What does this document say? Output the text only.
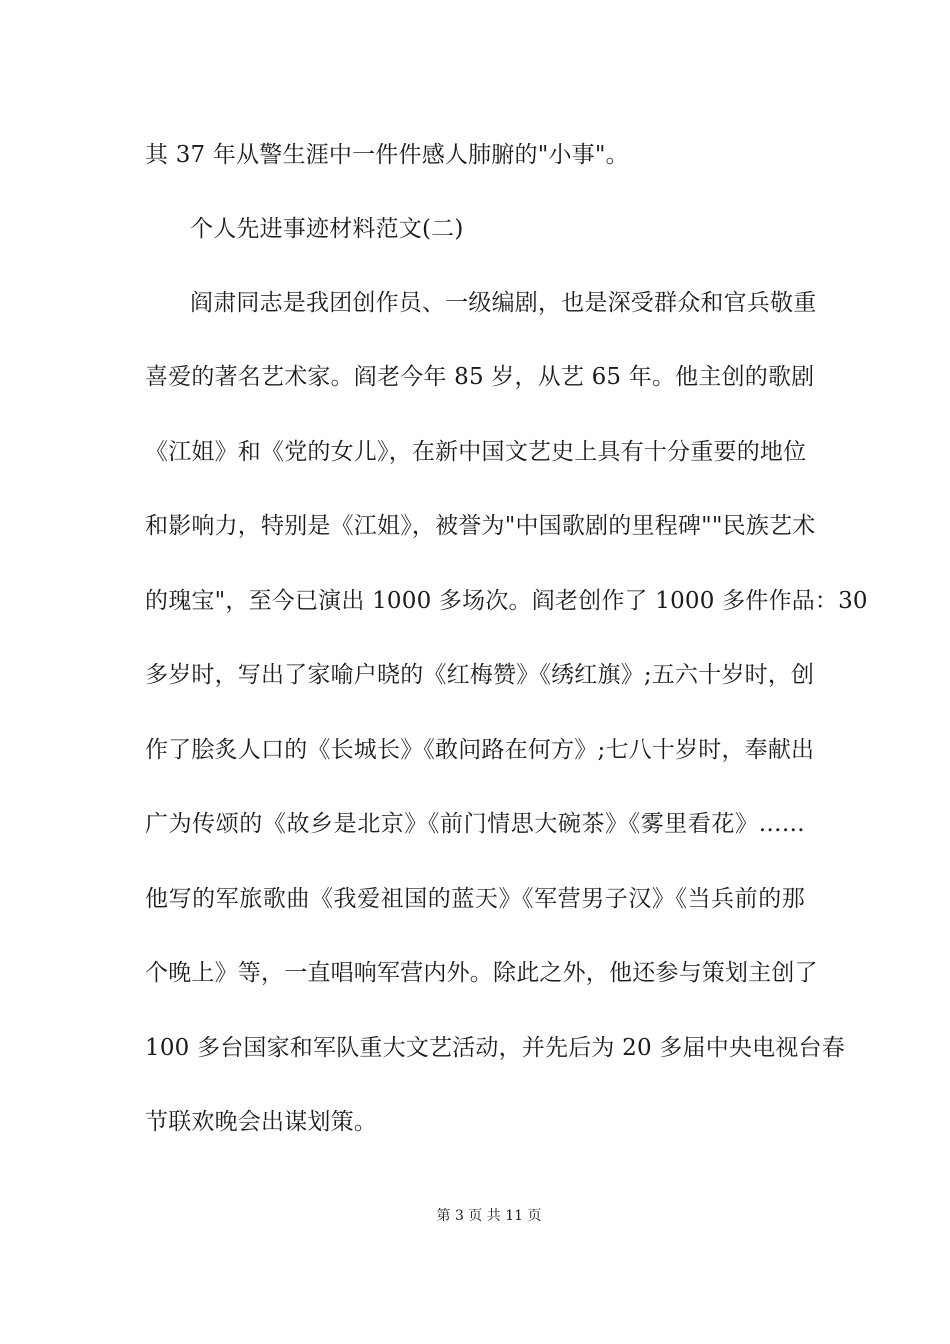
其 37 年从警生涯中一件件感人肺腑的"小事"。
个人先进事迹材料范文(二)
阎肃同志是我团创作员、一级编剧，也是深受群众和官兵敬重
喜爱的著名艺术家。阎老今年 85 岁，从艺 65 年。他主创的歌剧
《江姐》和《党的女儿》，在新中国文艺史上具有十分重要的地位
和影响力，特别是《江姐》，被誉为"中国歌剧的里程碑""民族艺术
的瑰宝"，至今已演出 1000 多场次。阎老创作了 1000 多件作品：30
多岁时，写出了家喻户晓的《红梅赞》《绣红旗》;五六十岁时，创
作了脍炙人口的《长城长》《敢问路在何方》;七八十岁时，奉献出
广为传颂的《故乡是北京》《前门情思大碗茶》《雾里看花》……
他写的军旅歌曲《我爱祖国的蓝天》《军营男子汉》《当兵前的那
个晚上》等，一直唱响军营内外。除此之外，他还参与策划主创了
100 多台国家和军队重大文艺活动，并先后为 20 多届中央电视台春
节联欢晚会出谋划策。
第 3 页 共 11 页
